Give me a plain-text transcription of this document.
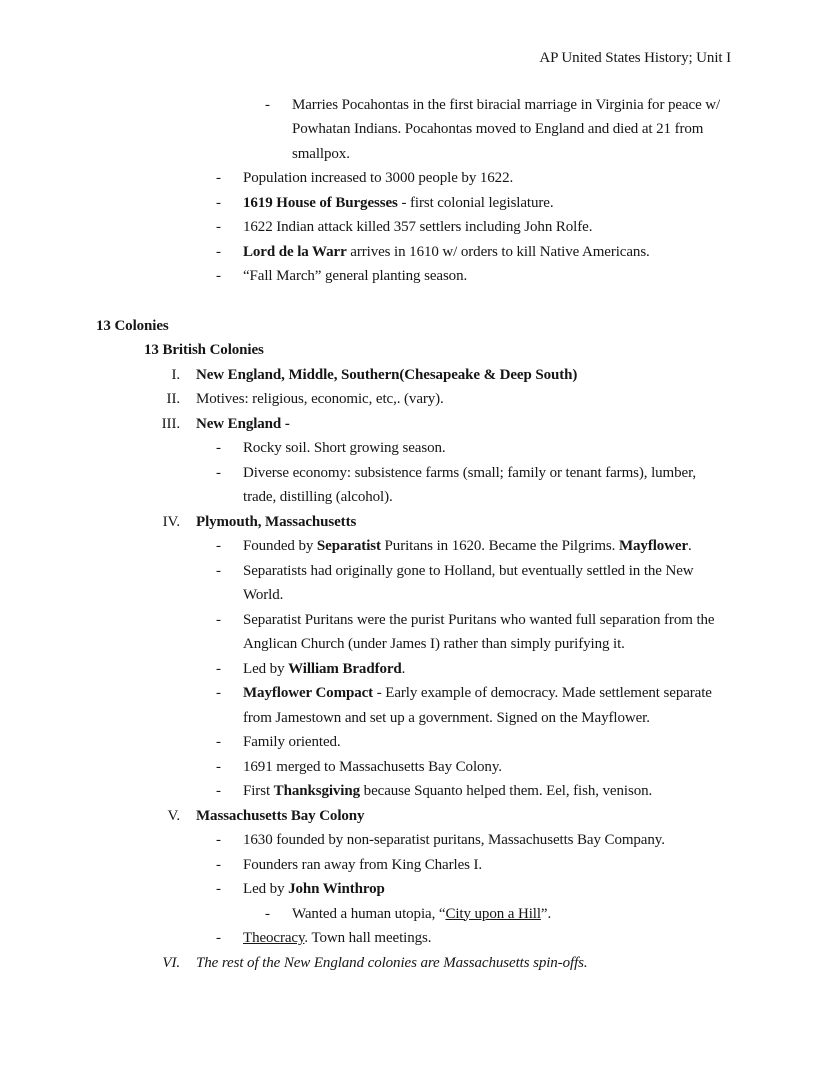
AP United States History; Unit I
-	Marries Pocahontas in the first biracial marriage in Virginia for peace w/ Powhatan Indians. Pocahontas moved to England and died at 21 from smallpox.
-	Population increased to 3000 people by 1622.
-	1619 House of Burgesses - first colonial legislature.
-	1622 Indian attack killed 357 settlers including John Rolfe.
-	Lord de la Warr arrives in 1610 w/ orders to kill Native Americans.
-	“Fall March” general planting season.
13 Colonies
13 British Colonies
I.	New England, Middle, Southern(Chesapeake & Deep South)
II.	Motives: religious, economic, etc,. (vary).
III.	New England -
-	Rocky soil. Short growing season.
-	Diverse economy: subsistence farms (small; family or tenant farms), lumber, trade, distilling (alcohol).
IV.	Plymouth, Massachusetts
-	Founded by Separatist Puritans in 1620. Became the Pilgrims. Mayflower.
-	Separatists had originally gone to Holland, but eventually settled in the New World.
-	Separatist Puritans were the purist Puritans who wanted full separation from the Anglican Church (under James I) rather than simply purifying it.
-	Led by William Bradford.
-	Mayflower Compact - Early example of democracy. Made settlement separate from Jamestown and set up a government. Signed on the Mayflower.
-	Family oriented.
-	1691 merged to Massachusetts Bay Colony.
-	First Thanksgiving because Squanto helped them. Eel, fish, venison.
V.	Massachusetts Bay Colony
-	1630 founded by non-separatist puritans, Massachusetts Bay Company.
-	Founders ran away from King Charles I.
-	Led by John Winthrop
-	Wanted a human utopia, “City upon a Hill”.
-	Theocracy. Town hall meetings.
VI.	The rest of the New England colonies are Massachusetts spin-offs.
